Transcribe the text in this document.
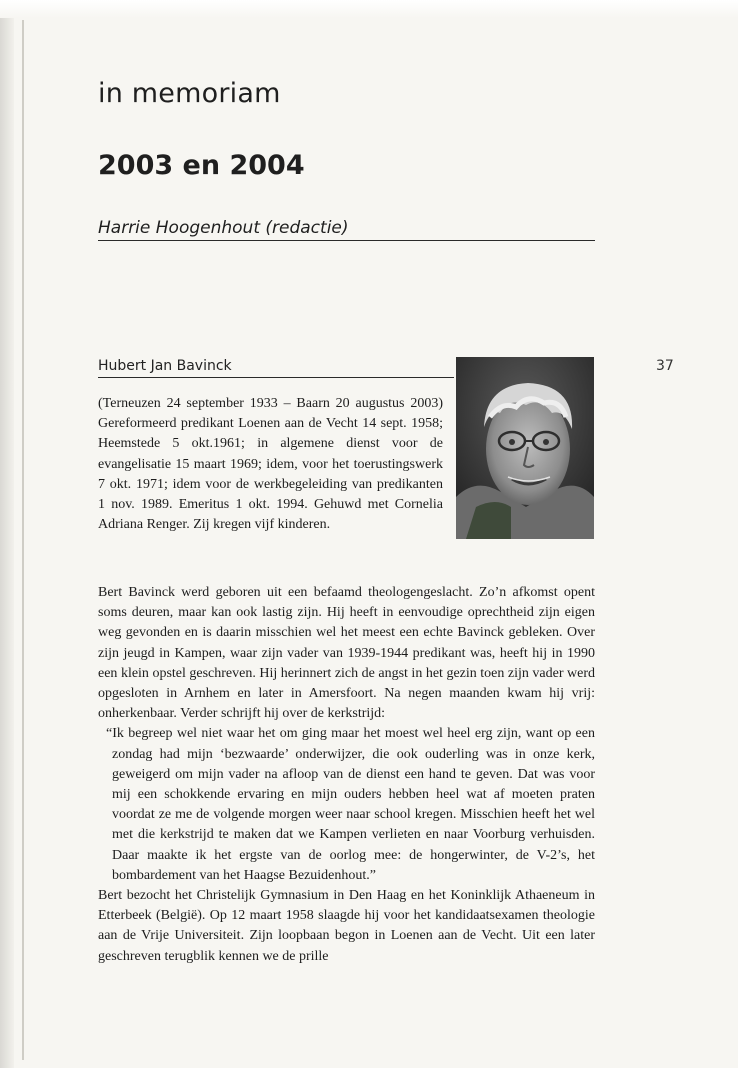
in memoriam
2003 en 2004
Harrie Hoogenhout (redactie)
37
Hubert Jan Bavinck

(Terneuzen 24 september 1933 – Baarn 20 augustus 2003) Gereformeerd predikant Loenen aan de Vecht 14 sept. 1958; Heemstede 5 okt.1961; in algemene dienst voor de evangelisatie 15 maart 1969; idem, voor het toerustingswerk 7 okt. 1971; idem voor de werkbegeleiding van predikanten 1 nov. 1989. Emeritus 1 okt. 1994. Gehuwd met Cornelia Adriana Renger. Zij kregen vijf kinderen.

Bert Bavinck werd geboren uit een befaamd theologengeslacht. Zo’n afkomst opent soms deuren, maar kan ook lastig zijn. Hij heeft in eenvoudige oprechtheid zijn eigen weg gevonden en is daarin misschien wel het meest een echte Bavinck gebleken. Over zijn jeugd in Kampen, waar zijn vader van 1939-1944 predikant was, heeft hij in 1990 een klein opstel geschreven. Hij herinnert zich de angst in het gezin toen zijn vader werd opgesloten in Arnhem en later in Amersfoort. Na negen maanden kwam hij vrij: onherkenbaar. Verder schrijft hij over de kerkstrijd:

“Ik begreep wel niet waar het om ging maar het moest wel heel erg zijn, want op een zondag had mijn ‘bezwaarde’ onderwijzer, die ook ouderling was in onze kerk, geweigerd om mijn vader na afloop van de dienst een hand te geven. Dat was voor mij een schokkende ervaring en mijn ouders hebben heel wat af moeten praten voordat ze me de volgende morgen weer naar school kregen. Misschien heeft het wel met die kerkstrijd te maken dat we Kampen verlieten en naar Voorburg verhuisden. Daar maakte ik het ergste van de oorlog mee: de hongerwinter, de V-2’s, het bombardement van het Haagse Bezuidenhout.”

Bert bezocht het Christelijk Gymnasium in Den Haag en het Koninklijk Athaeneum in Etterbeek (België). Op 12 maart 1958 slaagde hij voor het kandidaatsexamen theologie aan de Vrije Universiteit. Zijn loopbaan begon in Loenen aan de Vecht. Uit een later geschreven terugblik kennen we de prille
